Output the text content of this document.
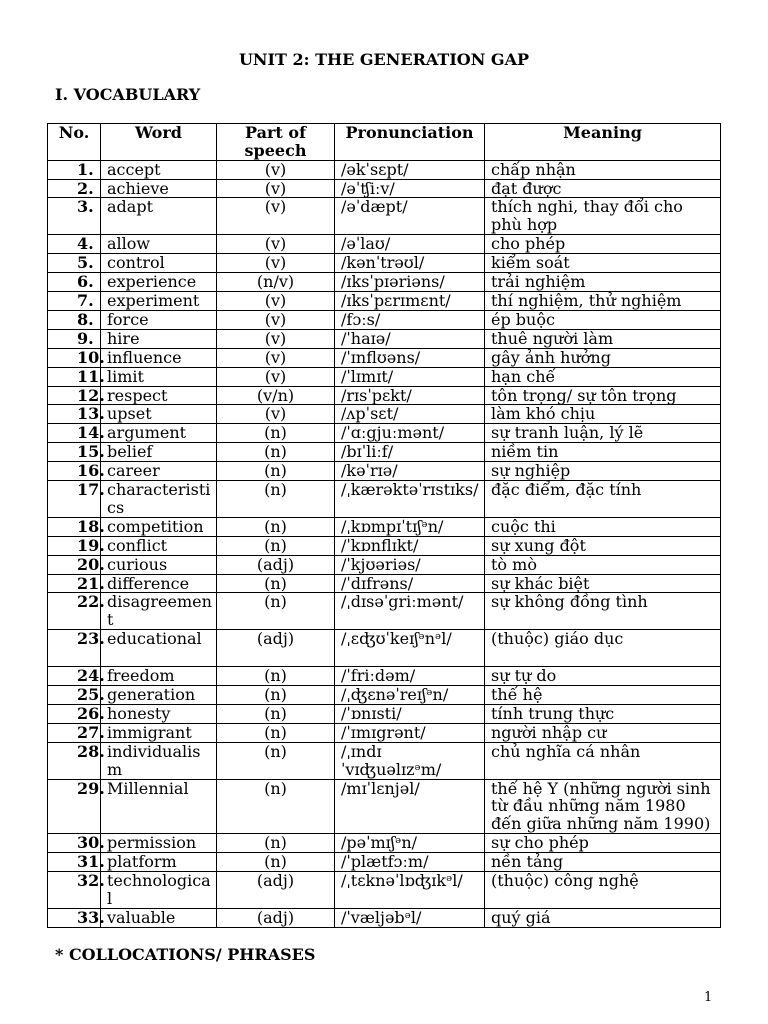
UNIT 2: THE GENERATION GAP
I. VOCABULARY
No.	Word	Part of speech	Pronunciation	Meaning
1.	accept	(v)	/əkˈsɛpt/	chấp nhận
2.	achieve	(v)	/əˈʧiːv/	đạt được
3.	adapt	(v)	/əˈdæpt/	thích nghi, thay đổi cho phù hợp
4.	allow	(v)	/əˈlaʊ/	cho phép
5.	control	(v)	/kənˈtrəʊl/	kiểm soát
6.	experience	(n/v)	/ɪksˈpɪəriəns/	trải nghiệm
7.	experiment	(v)	/ɪksˈpɛrɪmɛnt/	thí nghiệm, thử nghiệm
8.	force	(v)	/fɔːs/	ép buộc
9.	hire	(v)	/ˈhaɪə/	thuê người làm
10.	influence	(v)	/ˈɪnflʊəns/	gây ảnh hưởng
11.	limit	(v)	/ˈlɪmɪt/	hạn chế
12.	respect	(v/n)	/rɪsˈpɛkt/	tôn trọng/ sự tôn trọng
13.	upset	(v)	/ʌpˈsɛt/	làm khó chịu
14.	argument	(n)	/ˈɑːgjuːmənt/	sự tranh luận, lý lẽ
15.	belief	(n)	/bɪˈliːf/	niềm tin
16.	career	(n)	/kəˈrɪə/	sự nghiệp
17.	characteristics	(n)	/ˌkærəktəˈrɪstɪks/	đặc điểm, đặc tính
18.	competition	(n)	/ˌkɒmpɪˈtɪʃᵊn/	cuộc thi
19.	conflict	(n)	/ˈkɒnflɪkt/	sự xung đột
20.	curious	(adj)	/ˈkjʊəriəs/	tò mò
21.	difference	(n)	/ˈdɪfrəns/	sự khác biệt
22.	disagreement	(n)	/ˌdɪsəˈgriːmənt/	sự không đồng tình
23.	educational	(adj)	/ˌɛʤʊˈkeɪʃᵊnᵊl/	(thuộc) giáo dục
24.	freedom	(n)	/ˈfriːdəm/	sự tự do
25.	generation	(n)	/ˌʤɛnəˈreɪʃᵊn/	thế hệ
26.	honesty	(n)	/ˈɒnɪsti/	tính trung thực
27.	immigrant	(n)	/ˈɪmɪgrənt/	người nhập cư
28.	individualism	(n)	/ˌɪndɪˈvɪʤuəlɪzᵊm/	chủ nghĩa cá nhân
29.	Millennial	(n)	/mɪˈlɛnjəl/	thế hệ Y (những người sinh từ đầu những năm 1980 đến giữa những năm 1990)
30.	permission	(n)	/pəˈmɪʃᵊn/	sự cho phép
31.	platform	(n)	/ˈplætfɔːm/	nền tảng
32.	technological	(adj)	/ˌtɛknəˈlɒʤɪkᵊl/	(thuộc) công nghệ
33.	valuable	(adj)	/ˈvæljəbᵊl/	quý giá
* COLLOCATIONS/ PHRASES
1
